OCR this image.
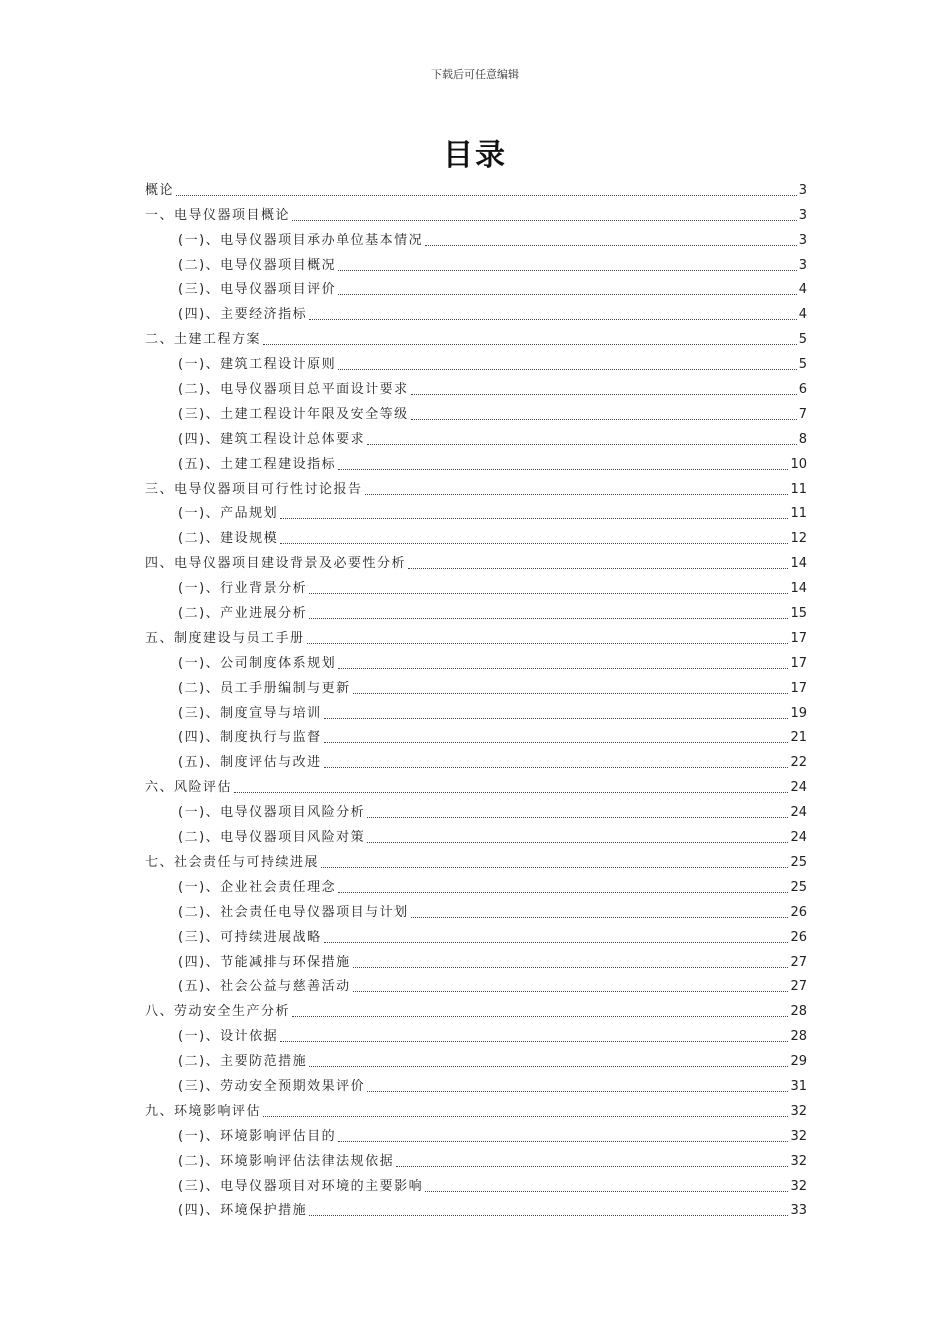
下载后可任意编辑
目录
概论	3
一、电导仪器项目概论	3
(一)、电导仪器项目承办单位基本情况	3
(二)、电导仪器项目概况	3
(三)、电导仪器项目评价	4
(四)、主要经济指标	4
二、土建工程方案	5
(一)、建筑工程设计原则	5
(二)、电导仪器项目总平面设计要求	6
(三)、土建工程设计年限及安全等级	7
(四)、建筑工程设计总体要求	8
(五)、土建工程建设指标	10
三、电导仪器项目可行性讨论报告	11
(一)、产品规划	11
(二)、建设规模	12
四、电导仪器项目建设背景及必要性分析	14
(一)、行业背景分析	14
(二)、产业进展分析	15
五、制度建设与员工手册	17
(一)、公司制度体系规划	17
(二)、员工手册编制与更新	17
(三)、制度宣导与培训	19
(四)、制度执行与监督	21
(五)、制度评估与改进	22
六、风险评估	24
(一)、电导仪器项目风险分析	24
(二)、电导仪器项目风险对策	24
七、社会责任与可持续进展	25
(一)、企业社会责任理念	25
(二)、社会责任电导仪器项目与计划	26
(三)、可持续进展战略	26
(四)、节能减排与环保措施	27
(五)、社会公益与慈善活动	27
八、劳动安全生产分析	28
(一)、设计依据	28
(二)、主要防范措施	29
(三)、劳动安全预期效果评价	31
九、环境影响评估	32
(一)、环境影响评估目的	32
(二)、环境影响评估法律法规依据	32
(三)、电导仪器项目对环境的主要影响	32
(四)、环境保护措施	33
